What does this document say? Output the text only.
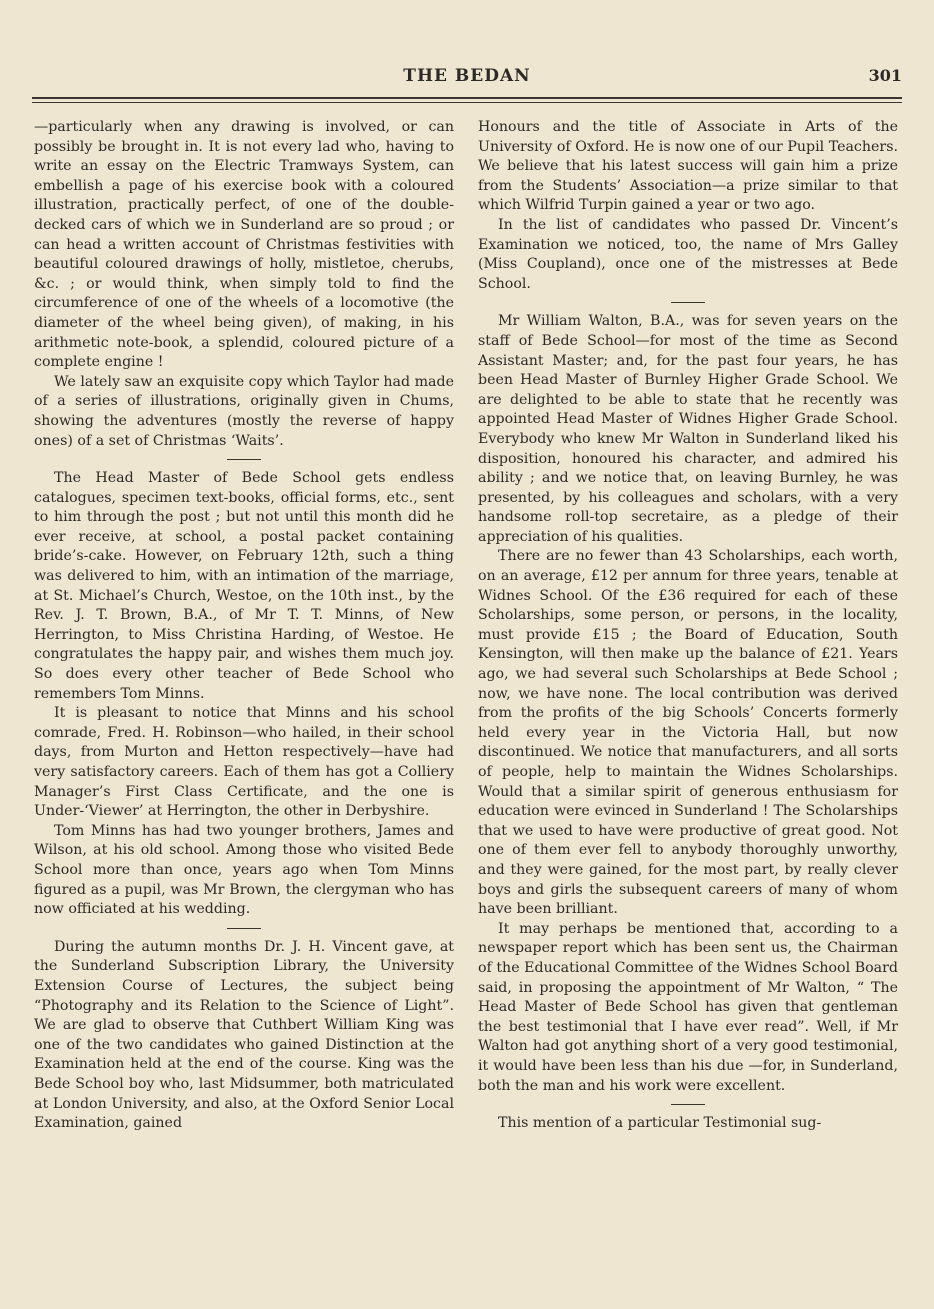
THE BEDAN	301

—particularly when any drawing is involved, or can possibly be brought in. It is not every lad who, having to write an essay on the Electric Tramways System, can embellish a page of his exercise book with a coloured illustration, practically perfect, of one of the double-decked cars of which we in Sunderland are so proud ; or can head a written account of Christmas festivities with beautiful coloured drawings of holly, mistletoe, cherubs, &c. ; or would think, when simply told to find the circumference of one of the wheels of a locomotive (the diameter of the wheel being given), of making, in his arithmetic note-book, a splendid, coloured picture of a complete engine !

We lately saw an exquisite copy which Taylor had made of a series of illustrations, originally given in Chums, showing the adventures (mostly the reverse of happy ones) of a set of Christmas ‘Waits’.

The Head Master of Bede School gets endless catalogues, specimen text-books, official forms, etc., sent to him through the post ; but not until this month did he ever receive, at school, a postal packet containing bride’s-cake. However, on February 12th, such a thing was delivered to him, with an intimation of the marriage, at St. Michael’s Church, Westoe, on the 10th inst., by the Rev. J. T. Brown, B.A., of Mr T. T. Minns, of New Herrington, to Miss Christina Harding, of Westoe. He congratulates the happy pair, and wishes them much joy. So does every other teacher of Bede School who remembers Tom Minns.

It is pleasant to notice that Minns and his school comrade, Fred. H. Robinson—who hailed, in their school days, from Murton and Hetton respectively—have had very satisfactory careers. Each of them has got a Colliery Manager’s First Class Certificate, and the one is Under-‘Viewer’ at Herrington, the other in Derbyshire.

Tom Minns has had two younger brothers, James and Wilson, at his old school. Among those who visited Bede School more than once, years ago when Tom Minns figured as a pupil, was Mr Brown, the clergyman who has now officiated at his wedding.

During the autumn months Dr. J. H. Vincent gave, at the Sunderland Subscription Library, the University Extension Course of Lectures, the subject being “Photography and its Relation to the Science of Light”. We are glad to observe that Cuthbert William King was one of the two candidates who gained Distinction at the Examination held at the end of the course. King was the Bede School boy who, last Midsummer, both matriculated at London University, and also, at the Oxford Senior Local Examination, gained

Honours and the title of Associate in Arts of the University of Oxford. He is now one of our Pupil Teachers. We believe that his latest success will gain him a prize from the Students’ Association—a prize similar to that which Wilfrid Turpin gained a year or two ago.

In the list of candidates who passed Dr. Vincent’s Examination we noticed, too, the name of Mrs Galley (Miss Coupland), once one of the mistresses at Bede School.

Mr William Walton, B.A., was for seven years on the staff of Bede School—for most of the time as Second Assistant Master; and, for the past four years, he has been Head Master of Burnley Higher Grade School. We are delighted to be able to state that he recently was appointed Head Master of Widnes Higher Grade School. Everybody who knew Mr Walton in Sunderland liked his disposition, honoured his character, and admired his ability ; and we notice that, on leaving Burnley, he was presented, by his colleagues and scholars, with a very handsome roll-top secretaire, as a pledge of their appreciation of his qualities.

There are no fewer than 43 Scholarships, each worth, on an average, £12 per annum for three years, tenable at Widnes School. Of the £36 required for each of these Scholarships, some person, or persons, in the locality, must provide £15 ; the Board of Education, South Kensington, will then make up the balance of £21. Years ago, we had several such Scholarships at Bede School ; now, we have none. The local contribution was derived from the profits of the big Schools’ Concerts formerly held every year in the Victoria Hall, but now discontinued. We notice that manufacturers, and all sorts of people, help to maintain the Widnes Scholarships. Would that a similar spirit of generous enthusiasm for education were evinced in Sunderland ! The Scholarships that we used to have were productive of great good. Not one of them ever fell to anybody thoroughly unworthy, and they were gained, for the most part, by really clever boys and girls the subsequent careers of many of whom have been brilliant.

It may perhaps be mentioned that, according to a newspaper report which has been sent us, the Chairman of the Educational Committee of the Widnes School Board said, in proposing the appointment of Mr Walton, “ The Head Master of Bede School has given that gentleman the best testimonial that I have ever read”. Well, if Mr Walton had got anything short of a very good testimonial, it would have been less than his due —for, in Sunderland, both the man and his work were excellent.

This mention of a particular Testimonial sug-
